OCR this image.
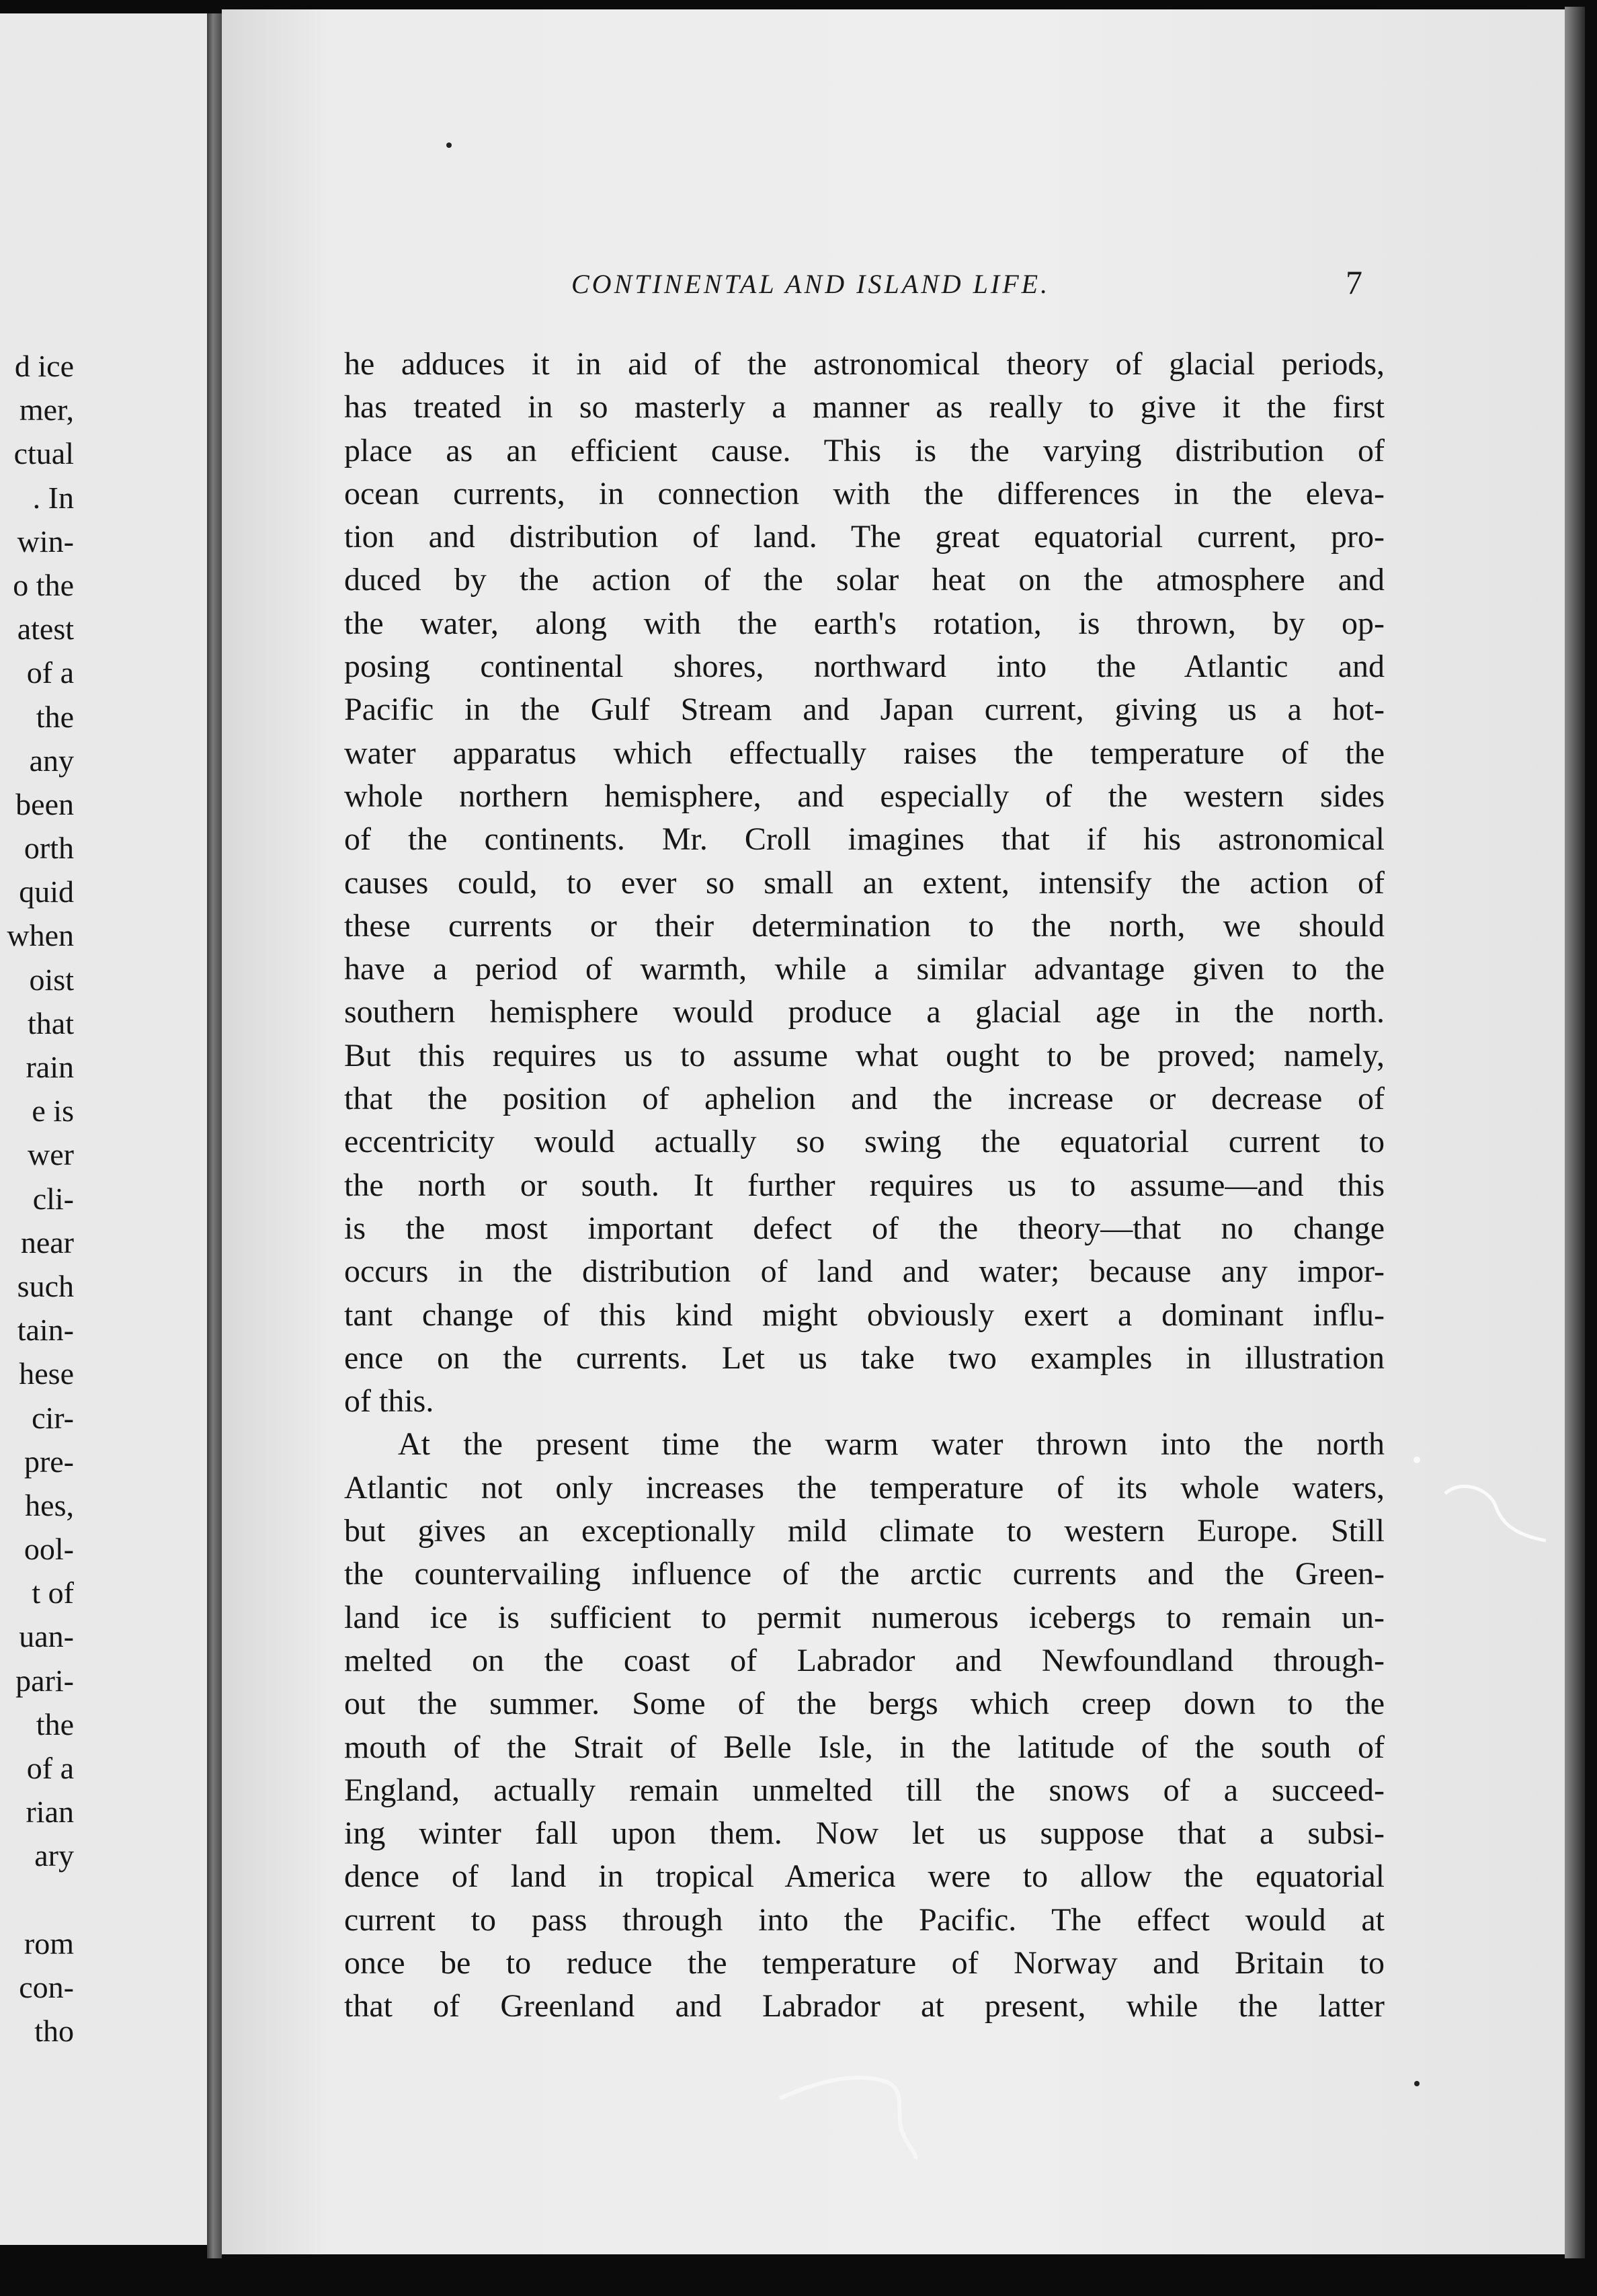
d ice
mer,
ctual
. In
win-
o the
atest
of a
the
any
been
orth
quid
when
oist
that
rain
e is
wer
cli-
near
such
tain-
hese
cir-
pre-
hes,
ool-
t of
uan-
pari-
the
of a
rian
ary
rom
con-
tho
CONTINENTAL AND ISLAND LIFE.	7
he adduces it in aid of the astronomical theory of glacial periods,
has treated in so masterly a manner as really to give it the first
place as an efficient cause. This is the varying distribution of
ocean currents, in connection with the differences in the eleva-
tion and distribution of land. The great equatorial current, pro-
duced by the action of the solar heat on the atmosphere and
the water, along with the earth's rotation, is thrown, by op-
posing continental shores, northward into the Atlantic and
Pacific in the Gulf Stream and Japan current, giving us a hot-
water apparatus which effectually raises the temperature of the
whole northern hemisphere, and especially of the western sides
of the continents. Mr. Croll imagines that if his astronomical
causes could, to ever so small an extent, intensify the action of
these currents or their determination to the north, we should
have a period of warmth, while a similar advantage given to the
southern hemisphere would produce a glacial age in the north.
But this requires us to assume what ought to be proved; namely,
that the position of aphelion and the increase or decrease of
eccentricity would actually so swing the equatorial current to
the north or south. It further requires us to assume—and this
is the most important defect of the theory—that no change
occurs in the distribution of land and water; because any impor-
tant change of this kind might obviously exert a dominant influ-
ence on the currents. Let us take two examples in illustration
of this.
At the present time the warm water thrown into the north
Atlantic not only increases the temperature of its whole waters,
but gives an exceptionally mild climate to western Europe. Still
the countervailing influence of the arctic currents and the Green-
land ice is sufficient to permit numerous icebergs to remain un-
melted on the coast of Labrador and Newfoundland through-
out the summer. Some of the bergs which creep down to the
mouth of the Strait of Belle Isle, in the latitude of the south of
England, actually remain unmelted till the snows of a succeed-
ing winter fall upon them. Now let us suppose that a subsi-
dence of land in tropical America were to allow the equatorial
current to pass through into the Pacific. The effect would at
once be to reduce the temperature of Norway and Britain to
that of Greenland and Labrador at present, while the latter
